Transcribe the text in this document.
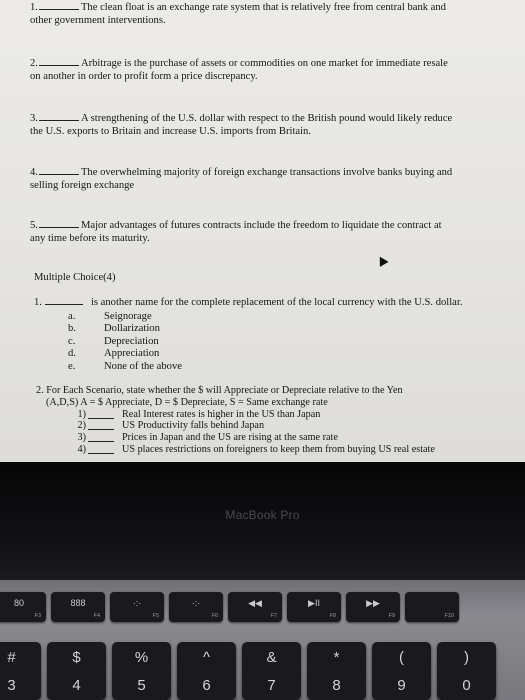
1.	The clean float is an exchange rate system that is relatively free from central bank and
other government interventions.
2.	Arbitrage is the purchase of assets or commodities on one market for immediate resale
on another in order to profit form a price discrepancy.
3.	A strengthening of the U.S. dollar with respect to the British pound would likely reduce
the U.S. exports to Britain and increase U.S. imports from Britain.
4.	The overwhelming majority of foreign exchange transactions involve banks buying and
selling foreign exchange
5.	Major advantages of futures contracts include the freedom to liquidate the contract at
any time before its maturity.
Multiple Choice(4)
1.	is another name for the complete replacement of the local currency with the U.S. dollar.
a.	Seignorage
b.	Dollarization
c.	Depreciation
d.	Appreciation
e.	None of the above
2. For Each Scenario, state whether the $ will Appreciate or Depreciate relative to the Yen
(A,D,S) A = $ Appreciate, D = $ Depreciate, S = Same exchange rate
1)	Real Interest rates is higher in the US than Japan
2)	US Productivity falls behind Japan
3)	Prices in Japan and the US are rising at the same rate
4)	US places restrictions on foreigners to keep them from buying US real estate
MacBook Pro
80
F3
888
F4
·:·
F5
·:·
F6
◀◀
F7
▶II
F8
▶▶
F9	F10
#
3
$
4
%
5
^
6
&
7
*
8
(
9
)
0
